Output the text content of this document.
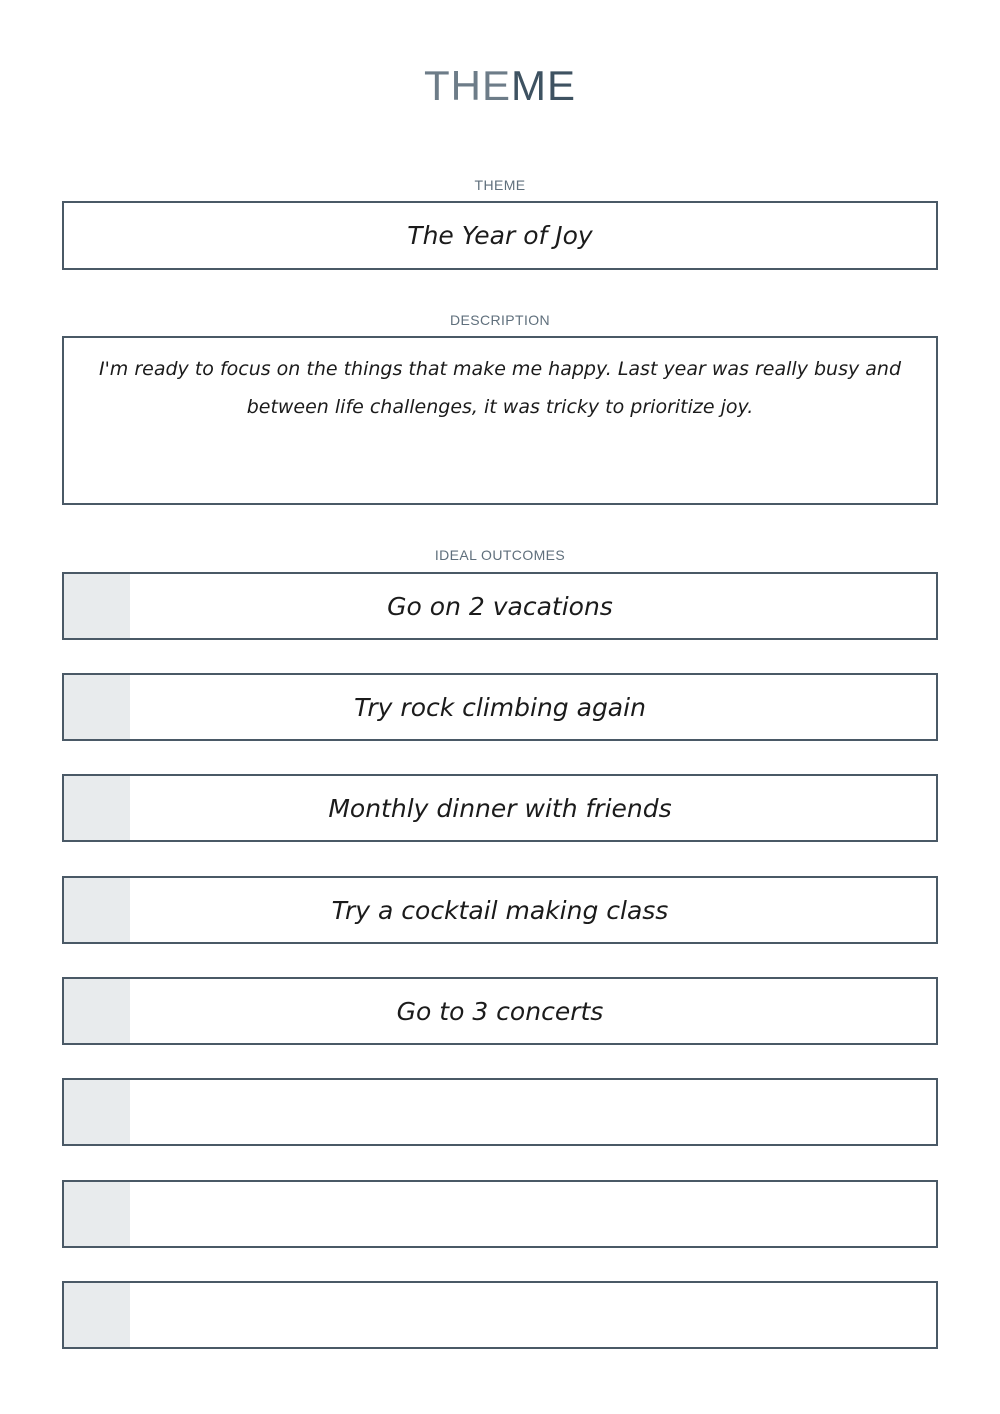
THEME
THEME
The Year of Joy
DESCRIPTION
I'm ready to focus on the things that make me happy. Last year was really busy and between life challenges, it was tricky to prioritize joy.
IDEAL OUTCOMES
Go on 2 vacations
Try rock climbing again
Monthly dinner with friends
Try a cocktail making class
Go to 3 concerts
